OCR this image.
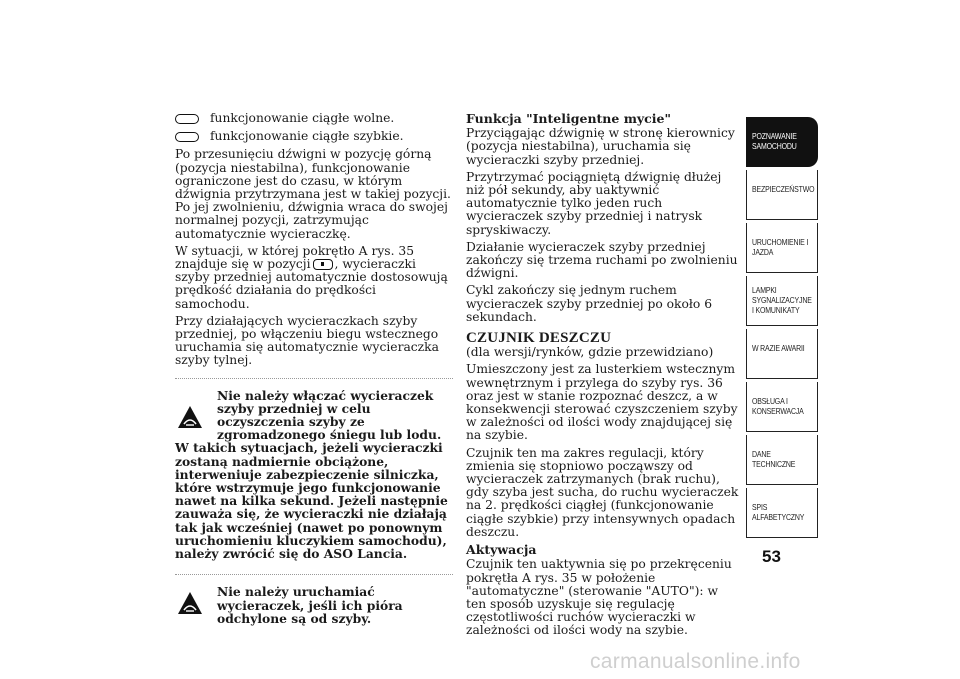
funkcjonowanie ciągłe wolne.
funkcjonowanie ciągłe szybkie.

Po przesunięciu dźwigni w pozycję górną (pozycja niestabilna), funkcjonowanie ograniczone jest do czasu, w którym dźwignia przytrzymana jest w takiej pozycji. Po jej zwolnieniu, dźwignia wraca do swojej normalnej pozycji, zatrzymując automatycznie wycieraczkę.

W sytuacji, w której pokrętło A rys. 35 znajduje się w pozycji , wycieraczki szyby przedniej automatycznie dostosowują prędkość działania do prędkości samochodu.

Przy działających wycieraczkach szyby przedniej, po włączeniu biegu wstecznego uruchamia się automatycznie wycieraczka szyby tylnej.

Nie należy włączać wycieraczek szyby przedniej w celu oczyszczenia szyby ze zgromadzonego śniegu lub lodu. W takich sytuacjach, jeżeli wycieraczki zostaną nadmiernie obciążone, interweniuje zabezpieczenie silniczka, które wstrzymuje jego funkcjonowanie nawet na kilka sekund. Jeżeli następnie zauważa się, że wycieraczki nie działają tak jak wcześniej (nawet po ponownym uruchomieniu kluczykiem samochodu), należy zwrócić się do ASO Lancia.
Nie należy uruchamiać wycieraczek, jeśli ich pióra odchylone są od szyby.
Funkcja "Inteligentne mycie"

Przyciągając dźwignię w stronę kierownicy (pozycja niestabilna), uruchamia się wycieraczki szyby przedniej.

Przytrzymać pociągniętą dźwignię dłużej niż pół sekundy, aby uaktywnić automatycznie tylko jeden ruch wycieraczek szyby przedniej i natrysk spryskiwaczy.

Działanie wycieraczek szyby przedniej zakończy się trzema ruchami po zwolnieniu dźwigni.

Cykl zakończy się jednym ruchem wycieraczek szyby przedniej po około 6 sekundach.

CZUJNIK DESZCZU

(dla wersji/rynków, gdzie przewidziano)

Umieszczony jest za lusterkiem wstecznym wewnętrznym i przylega do szyby rys. 36 oraz jest w stanie rozpoznać deszcz, a w konsekwencji sterować czyszczeniem szyby w zależności od ilości wody znajdującej się na szybie.

Czujnik ten ma zakres regulacji, który zmienia się stopniowo począwszy od wycieraczek zatrzymanych (brak ruchu), gdy szyba jest sucha, do ruchu wycieraczek na 2. prędkości ciągłej (funkcjonowanie ciągłe szybkie) przy intensywnych opadach deszczu.

Aktywacja

Czujnik ten uaktywnia się po przekręceniu pokrętła A rys. 35 w położenie "automatyczne" (sterowanie "AUTO"): w ten sposób uzyskuje się regulację częstotliwości ruchów wycieraczki w zależności od ilości wody na szybie.

POZNAWANIE
SAMOCHODU
BEZPIECZEŃSTWO
URUCHOMIENIE I
JAZDA
LAMPKI
SYGNALIZACYJNE
I KOMUNIKATY
W RAZIE AWARII
OBSŁUGA I
KONSERWACJA
DANE
TECHNICZNE
SPIS
ALFABETYCZNY
53
carmanualsonline.info
